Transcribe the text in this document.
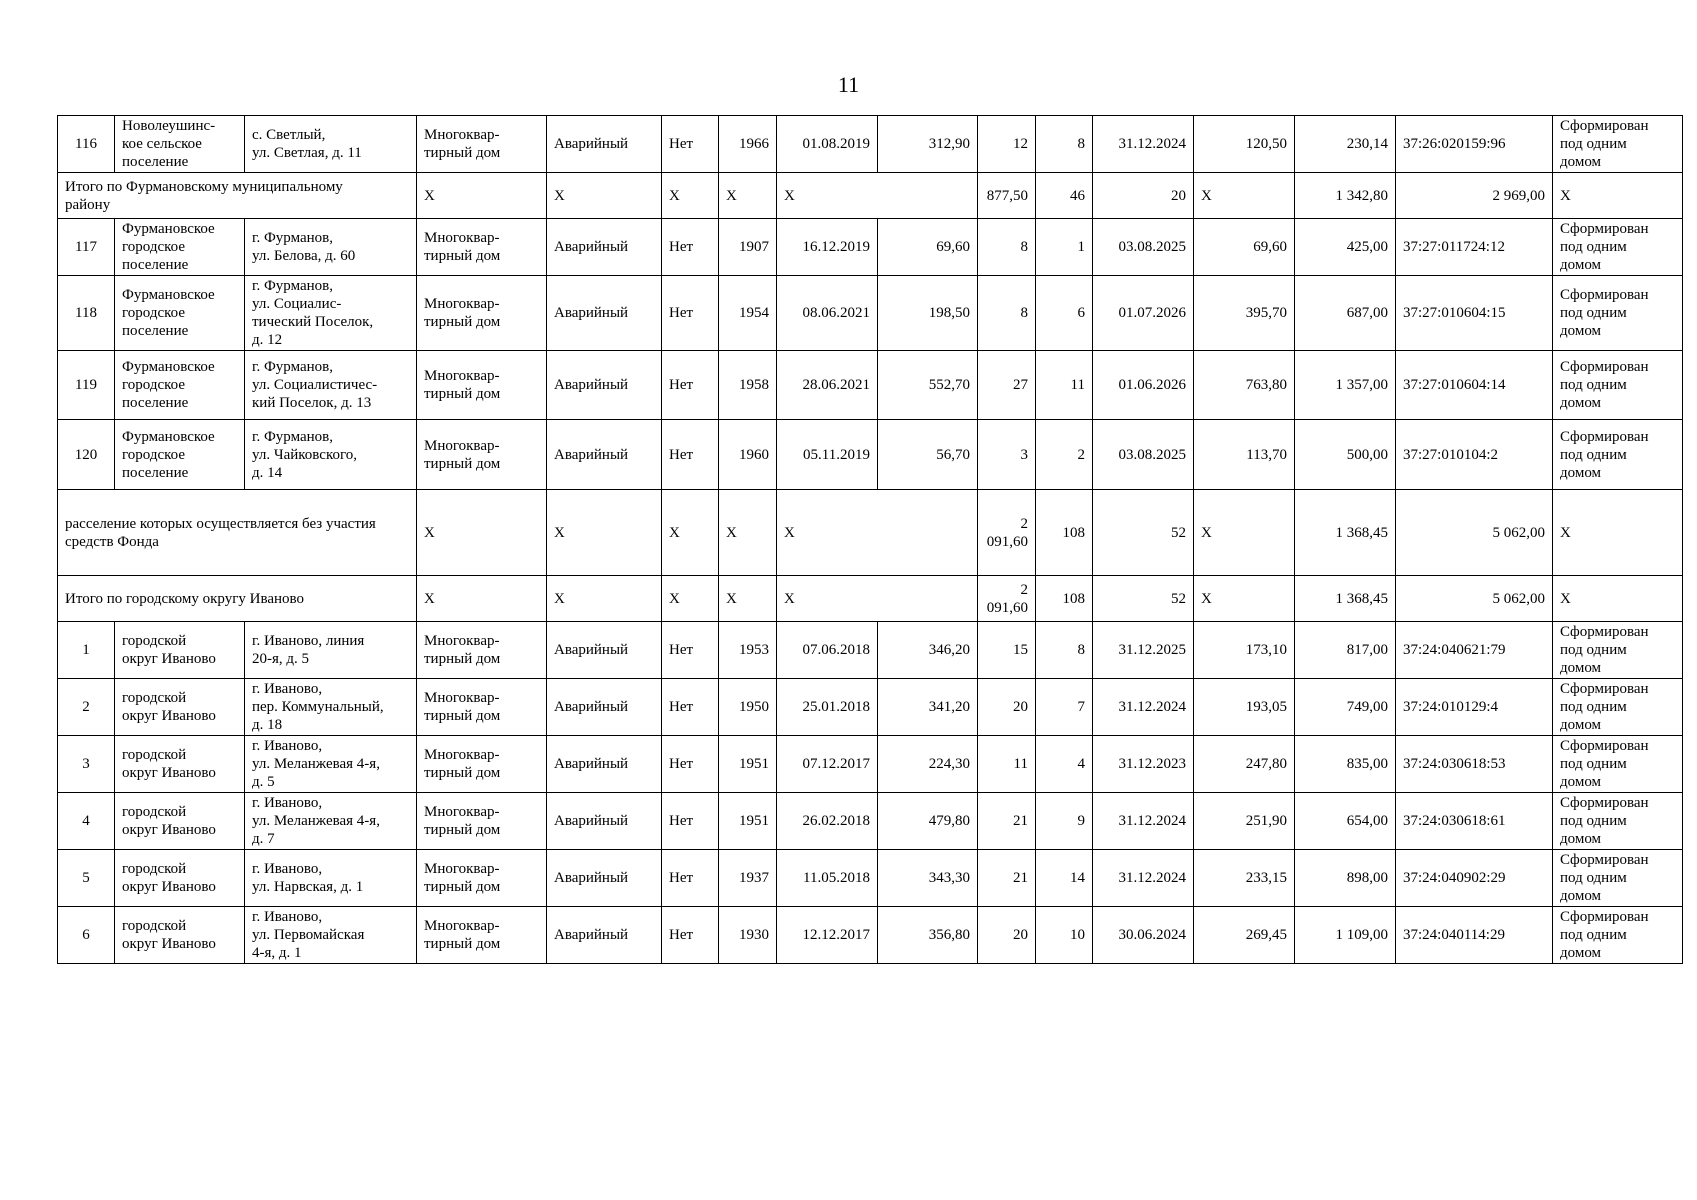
11
116	Новолеушинс-
кое сельское
поселение	с. Светлый,
ул. Светлая, д. 11	Многоквар-
тирный дом	Аварийный	Нет	1966	01.08.2019	312,90	12	8	31.12.2024	120,50	230,14	37:26:020159:96	Сформирован
под одним
домом	
Итого по Фурмановскому муниципальному
району			X	X	X	X	X		877,50	46	20	X	1 342,80	2 969,00	X	
117	Фурмановское
городское
поселение	г. Фурманов,
ул. Белова, д. 60	Многоквар-
тирный дом	Аварийный	Нет	1907	16.12.2019	69,60	8	1	03.08.2025	69,60	425,00	37:27:011724:12	Сформирован
под одним
домом	
118	Фурмановское
городское
поселение	г. Фурманов,
ул. Социалис-
тический Поселок,
д. 12	Многоквар-
тирный дом	Аварийный	Нет	1954	08.06.2021	198,50	8	6	01.07.2026	395,70	687,00	37:27:010604:15	Сформирован
под одним
домом	
119	Фурмановское
городское
поселение	г. Фурманов,
ул. Социалистичес-
кий Поселок, д. 13	Многоквар-
тирный дом	Аварийный	Нет	1958	28.06.2021	552,70	27	11	01.06.2026	763,80	1 357,00	37:27:010604:14	Сформирован
под одним
домом	
120	Фурмановское
городское
поселение	г. Фурманов,
ул. Чайковского,
д. 14	Многоквар-
тирный дом	Аварийный	Нет	1960	05.11.2019	56,70	3	2	03.08.2025	113,70	500,00	37:27:010104:2	Сформирован
под одним
домом	
расселение которых осуществляется без участия
средств Фонда			X	X	X	X	X		2 091,60	108	52	X	1 368,45	5 062,00	X	
Итого по городскому округу Иваново			X	X	X	X	X		2 091,60	108	52	X	1 368,45	5 062,00	X	
1	городской
округ Иваново	г. Иваново, линия
20-я, д. 5	Многоквар-
тирный дом	Аварийный	Нет	1953	07.06.2018	346,20	15	8	31.12.2025	173,10	817,00	37:24:040621:79	Сформирован
под одним
домом	
2	городской
округ Иваново	г. Иваново,
пер. Коммунальный,
д. 18	Многоквар-
тирный дом	Аварийный	Нет	1950	25.01.2018	341,20	20	7	31.12.2024	193,05	749,00	37:24:010129:4	Сформирован
под одним
домом	
3	городской
округ Иваново	г. Иваново,
ул. Меланжевая 4-я,
д. 5	Многоквар-
тирный дом	Аварийный	Нет	1951	07.12.2017	224,30	11	4	31.12.2023	247,80	835,00	37:24:030618:53	Сформирован
под одним
домом	
4	городской
округ Иваново	г. Иваново,
ул. Меланжевая 4-я,
д. 7	Многоквар-
тирный дом	Аварийный	Нет	1951	26.02.2018	479,80	21	9	31.12.2024	251,90	654,00	37:24:030618:61	Сформирован
под одним
домом	
5	городской
округ Иваново	г. Иваново,
ул. Нарвская, д. 1	Многоквар-
тирный дом	Аварийный	Нет	1937	11.05.2018	343,30	21	14	31.12.2024	233,15	898,00	37:24:040902:29	Сформирован
под одним
домом	
6	городской
округ Иваново	г. Иваново,
ул. Первомайская
4-я, д. 1	Многоквар-
тирный дом	Аварийный	Нет	1930	12.12.2017	356,80	20	10	30.06.2024	269,45	1 109,00	37:24:040114:29	Сформирован
под одним
домом	
